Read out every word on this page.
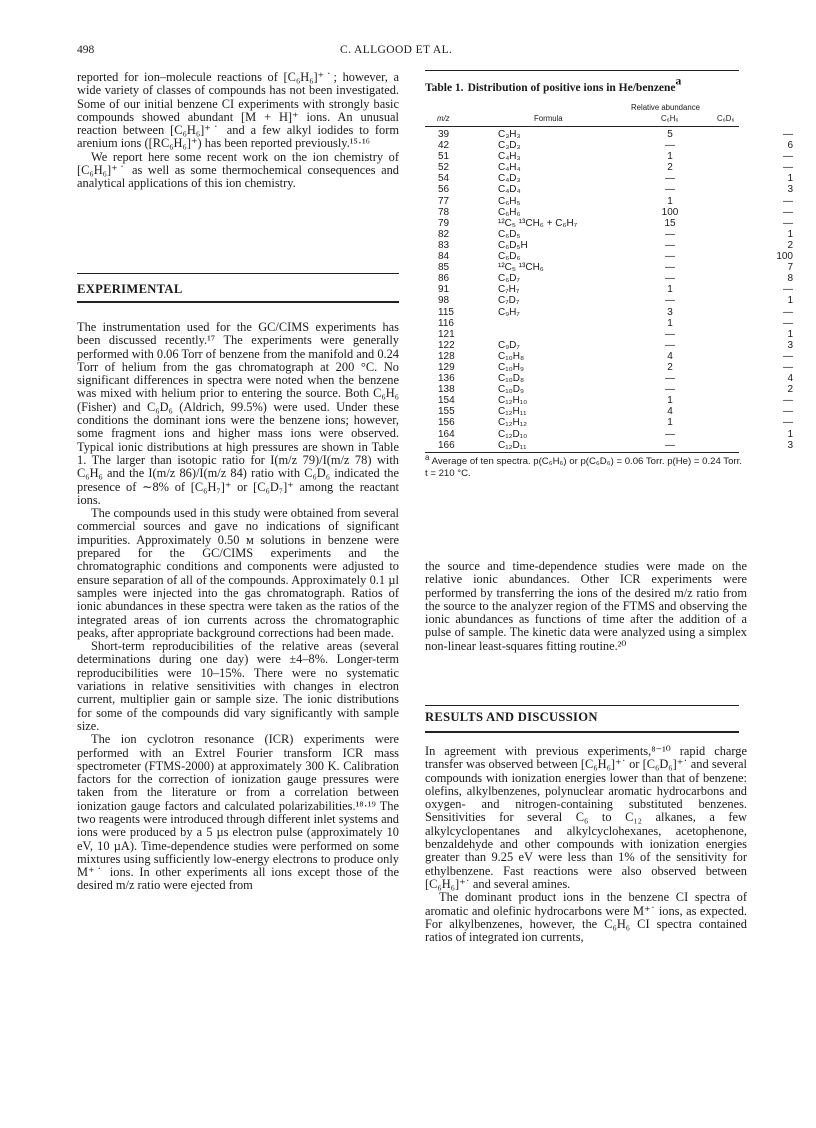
498	C. ALLGOOD ET AL.

reported for ion–molecule reactions of [C₆H₆]⁺˙; however, a wide variety of classes of compounds has not been investigated. Some of our initial benzene CI experiments with strongly basic compounds showed abundant [M + H]⁺ ions. An unusual reaction between [C₆H₆]⁺˙ and a few alkyl iodides to form arenium ions ([RC₆H₆]⁺) has been reported previously.¹⁵·¹⁶

We report here some recent work on the ion chemistry of [C₆H₆]⁺˙ as well as some thermochemical consequences and analytical applications of this ion chemistry.

EXPERIMENTAL

The instrumentation used for the GC/CIMS experiments has been discussed recently.¹⁷ The experiments were generally performed with 0.06 Torr of benzene from the manifold and 0.24 Torr of helium from the gas chromatograph at 200 °C. No significant differences in spectra were noted when the benzene was mixed with helium prior to entering the source. Both C₆H₆ (Fisher) and C₆D₆ (Aldrich, 99.5%) were used. Under these conditions the dominant ions were the benzene ions; however, some fragment ions and higher mass ions were observed. Typical ionic distributions at high pressures are shown in Table 1. The larger than isotopic ratio for I(m/z 79)/I(m/z 78) with C₆H₆ and the I(m/z 86)/I(m/z 84) ratio with C₆D₆ indicated the presence of ∼8% of [C₆H₇]⁺ or [C₆D₇]⁺ among the reactant ions.

The compounds used in this study were obtained from several commercial sources and gave no indications of significant impurities. Approximately 0.50 ᴍ solutions in benzene were prepared for the GC/CIMS experiments and the chromatographic conditions and components were adjusted to ensure separation of all of the compounds. Approximately 0.1 µl samples were injected into the gas chromatograph. Ratios of ionic abundances in these spectra were taken as the ratios of the integrated areas of ion currents across the chromatographic peaks, after appropriate background corrections had been made.

Short-term reproducibilities of the relative areas (several determinations during one day) were ±4–8%. Longer-term reproducibilities were 10–15%. There were no systematic variations in relative sensitivities with changes in electron current, multiplier gain or sample size. The ionic distributions for some of the compounds did vary significantly with sample size.

The ion cyclotron resonance (ICR) experiments were performed with an Extrel Fourier transform ICR mass spectrometer (FTMS-2000) at approximately 300 K. Calibration factors for the correction of ionization gauge pressures were taken from the literature or from a correlation between ionization gauge factors and calculated polarizabilities.¹⁸·¹⁹ The two reagents were introduced through different inlet systems and ions were produced by a 5 µs electron pulse (approximately 10 eV, 10 µA). Time-dependence studies were performed on some mixtures using sufficiently low-energy electrons to produce only M⁺˙ ions. In other experiments all ions except those of the desired m/z ratio were ejected from

Table 1. Distribution of positive ions in He/benzene$^a$
Relative abundance
m/z	Formula	C₆H₆	C₆D₆
39	C₃H₃	5	—
42	C₃D₃	—	6
51	C₄H₃	1	—
52	C₄H₄	2	—
54	C₄D₃	—	1
56	C₄D₄	—	3
77	C₆H₅	1	—
78	C₆H₆	100	—
79	¹²C₅ ¹³CH₆ + C₆H₇	15	—
82	C₆D₅	—	1
83	C₆D₅H	—	2
84	C₆D₆	—	100
85	¹²C₅ ¹³CH₆	—	7
86	C₆D₇	—	8
91	C₇H₇	1	—
98	C₇D₇	—	1
115	C₉H₇	3	—
116		1	—
121		—	1
122	C₉D₇	—	3
128	C₁₀H₈	4	—
129	C₁₀H₉	2	—
136	C₁₀D₈	—	4
138	C₁₀D₉	—	2
154	C₁₂H₁₀	1	—
155	C₁₂H₁₁	4	—
156	C₁₂H₁₂	1	—
164	C₁₂D₁₀	—	1
166	C₁₂D₁₁	—	3
$^a$ Average of ten spectra. p(C₆H₆) or p(C₆D₆) = 0.06 Torr. p(He) = 0.24 Torr. t = 210 °C.

the source and time-dependence studies were made on the relative ionic abundances. Other ICR experiments were performed by transferring the ions of the desired m/z ratio from the source to the analyzer region of the FTMS and observing the ionic abundances as functions of time after the addition of a pulse of sample. The kinetic data were analyzed using a simplex non-linear least-squares fitting routine.²⁰

RESULTS AND DISCUSSION

In agreement with previous experiments,⁸⁻¹⁰ rapid charge transfer was observed between [C₆H₆]⁺˙ or [C₆D₆]⁺˙ and several compounds with ionization energies lower than that of benzene: olefins, alkylbenzenes, polynuclear aromatic hydrocarbons and oxygen- and nitrogen-containing substituted benzenes. Sensitivities for several C₆ to C₁₂ alkanes, a few alkylcyclopentanes and alkylcyclohexanes, acetophenone, benzaldehyde and other compounds with ionization energies greater than 9.25 eV were less than 1% of the sensitivity for ethylbenzene. Fast reactions were also observed between [C₆H₆]⁺˙ and several amines.

The dominant product ions in the benzene CI spectra of aromatic and olefinic hydrocarbons were M⁺˙ ions, as expected. For alkylbenzenes, however, the C₆H₆ CI spectra contained ratios of integrated ion currents,
